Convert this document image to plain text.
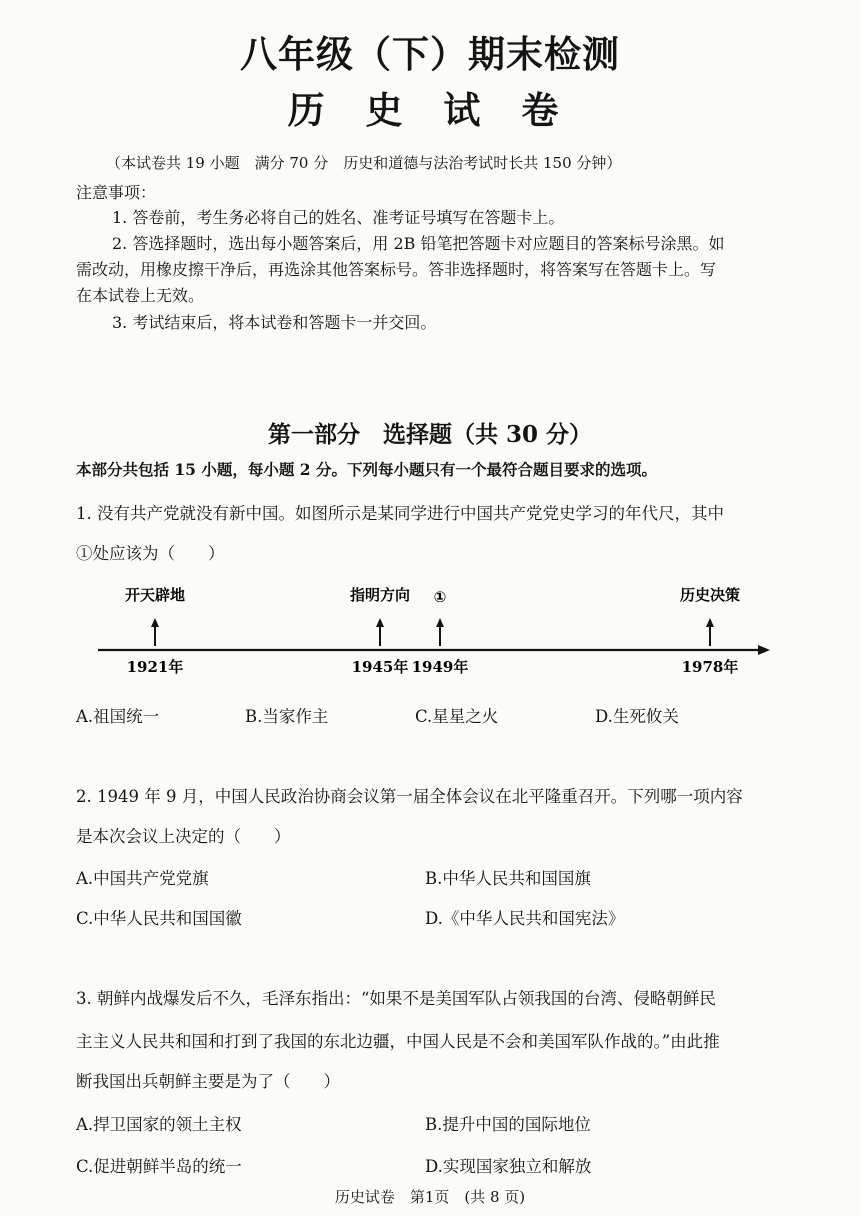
八年级（下）期末检测
历 史 试 卷
（本试卷共 19 小题　满分 70 分　历史和道德与法治考试时长共 150 分钟）
注意事项：
1. 答卷前，考生务必将自己的姓名、准考证号填写在答题卡上。
2. 答选择题时，选出每小题答案后，用 2B 铅笔把答题卡对应题目的答案标号涂黑。如
需改动，用橡皮擦干净后，再选涂其他答案标号。答非选择题时，将答案写在答题卡上。写
在本试卷上无效。
3. 考试结束后，将本试卷和答题卡一并交回。
第一部分　选择题（共 30 分）
本部分共包括 15 小题，每小题 2 分。下列每小题只有一个最符合题目要求的选项。
1. 没有共产党就没有新中国。如图所示是某同学进行中国共产党党史学习的年代尺，其中
①处应该为（　　）
开天辟地
1921年
指明方向
1945年
①
1949年
历史决策
1978年
A.祖国统一	B.当家作主	C.星星之火	D.生死攸关
2. 1949 年 9 月，中国人民政治协商会议第一届全体会议在北平隆重召开。下列哪一项内容
是本次会议上决定的（　　）
A.中国共产党党旗	B.中华人民共和国国旗
C.中华人民共和国国徽	D.《中华人民共和国宪法》
3. 朝鲜内战爆发后不久，毛泽东指出：“如果不是美国军队占领我国的台湾、侵略朝鲜民
主主义人民共和国和打到了我国的东北边疆，中国人民是不会和美国军队作战的。”由此推
断我国出兵朝鲜主要是为了（　　）
A.捍卫国家的领土主权	B.提升中国的国际地位
C.促进朝鲜半岛的统一	D.实现国家独立和解放
历史试卷　第1页　(共 8 页)
